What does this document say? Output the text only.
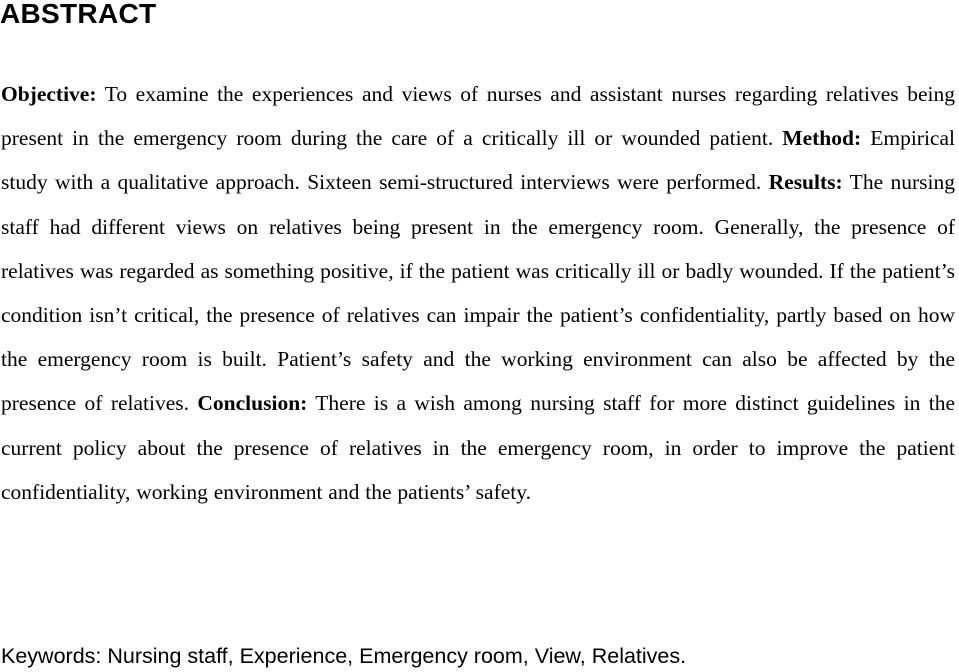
ABSTRACT

Objective: To examine the experiences and views of nurses and assistant nurses regarding relatives being present in the emergency room during the care of a critically ill or wounded patient. Method: Empirical study with a qualitative approach. Sixteen semi-structured interviews were performed. Results: The nursing staff had different views on relatives being present in the emergency room. Generally, the presence of relatives was regarded as something positive, if the patient was critically ill or badly wounded. If the patient’s condition isn’t critical, the presence of relatives can impair the patient’s confidentiality, partly based on how the emergency room is built. Patient’s safety and the working environment can also be affected by the presence of relatives. Conclusion: There is a wish among nursing staff for more distinct guidelines in the current policy about the presence of relatives in the emergency room, in order to improve the patient confidentiality, working environment and the patients’ safety.

Keywords: Nursing staff, Experience, Emergency room, View, Relatives.
